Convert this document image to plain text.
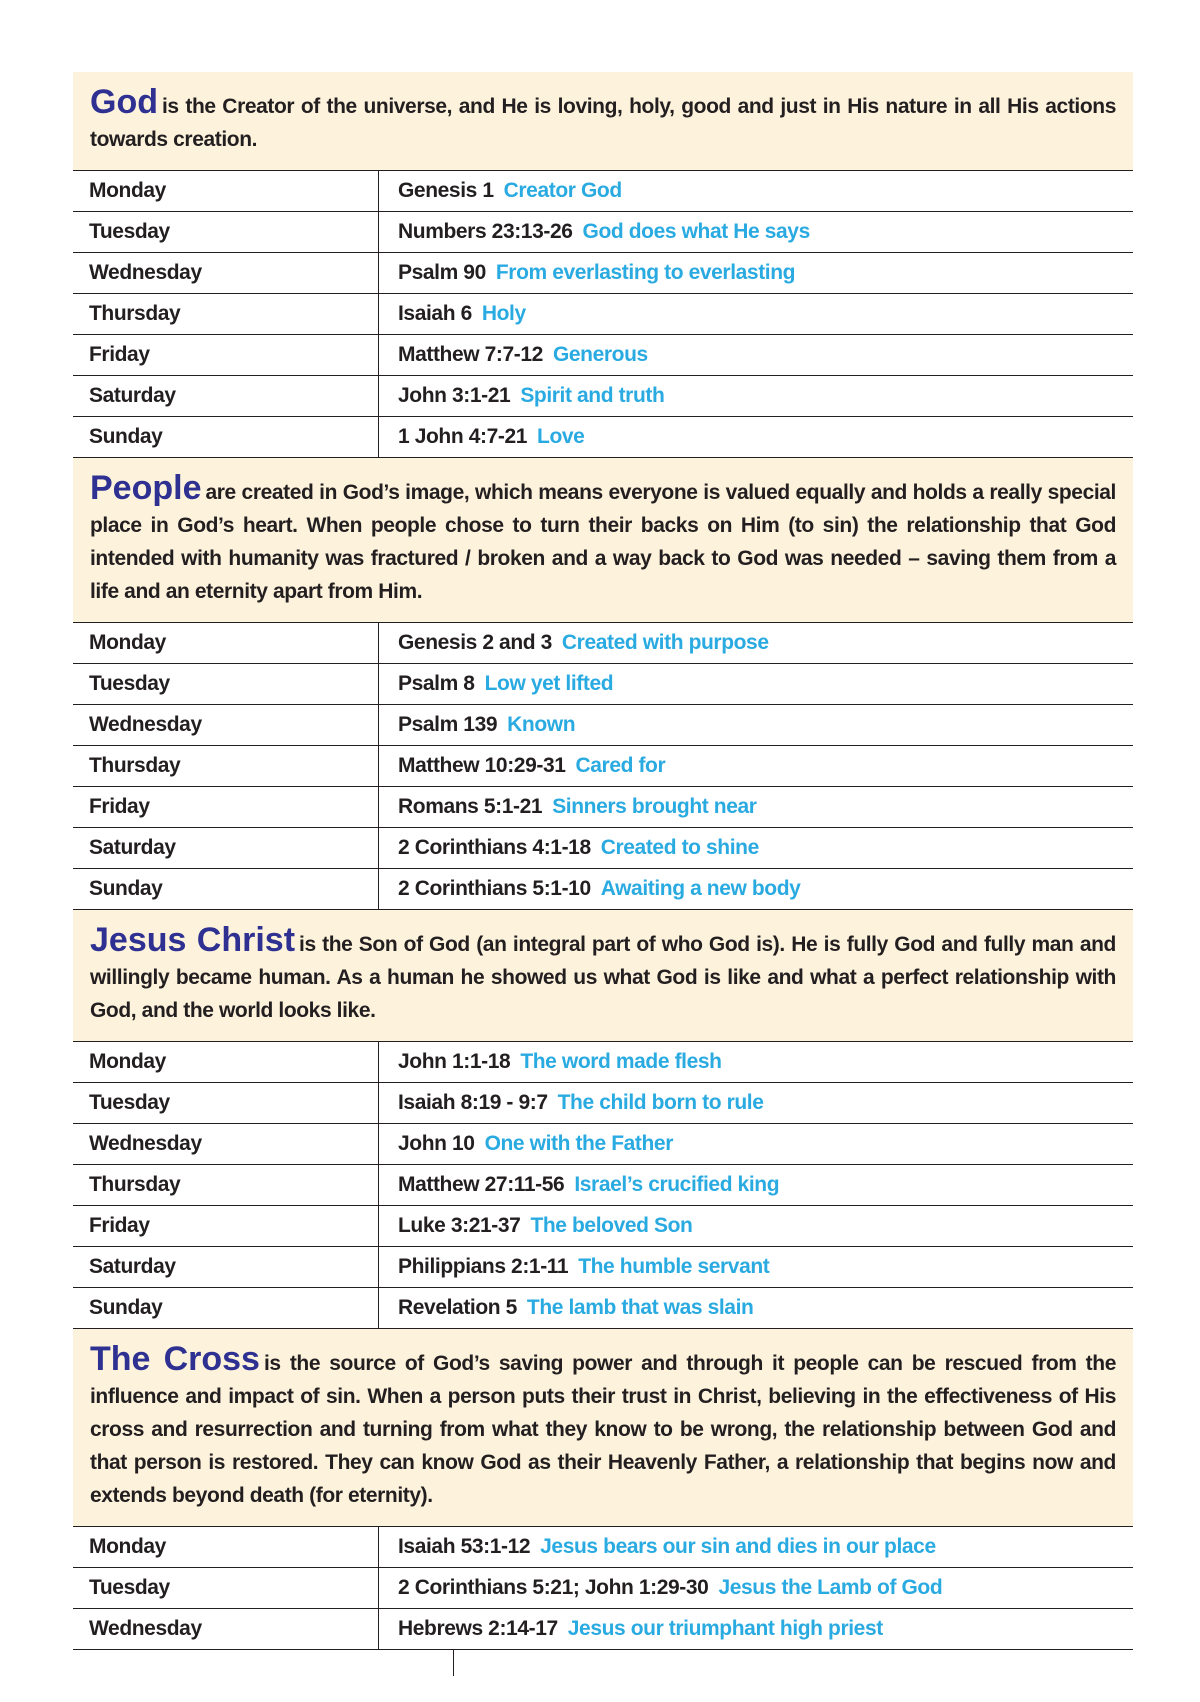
God is the Creator of the universe, and He is loving, holy, good and just in His nature in all His actions towards creation.

Monday	Genesis 1 Creator God
Tuesday	Numbers 23:13-26 God does what He says
Wednesday	Psalm 90 From everlasting to everlasting
Thursday	Isaiah 6 Holy
Friday	Matthew 7:7-12 Generous
Saturday	John 3:1-21 Spirit and truth
Sunday	1 John 4:7-21 Love

People are created in God’s image, which means everyone is valued equally and holds a really special place in God’s heart. When people chose to turn their backs on Him (to sin) the relationship that God intended with humanity was fractured / broken and a way back to God was needed – saving them from a life and an eternity apart from Him.

Monday	Genesis 2 and 3 Created with purpose
Tuesday	Psalm 8 Low yet lifted
Wednesday	Psalm 139 Known
Thursday	Matthew 10:29-31 Cared for
Friday	Romans 5:1-21 Sinners brought near
Saturday	2 Corinthians 4:1-18 Created to shine
Sunday	2 Corinthians 5:1-10 Awaiting a new body

Jesus Christ is the Son of God (an integral part of who God is). He is fully God and fully man and willingly became human. As a human he showed us what God is like and what a perfect relationship with God, and the world looks like.

Monday	John 1:1-18 The word made flesh
Tuesday	Isaiah 8:19 - 9:7 The child born to rule
Wednesday	John 10 One with the Father
Thursday	Matthew 27:11-56 Israel’s crucified king
Friday	Luke 3:21-37 The beloved Son
Saturday	Philippians 2:1-11 The humble servant
Sunday	Revelation 5 The lamb that was slain

The Cross is the source of God’s saving power and through it people can be rescued from the influence and impact of sin. When a person puts their trust in Christ, believing in the effectiveness of His cross and resurrection and turning from what they know to be wrong, the relationship between God and that person is restored. They can know God as their Heavenly Father, a relationship that begins now and extends beyond death (for eternity).

Monday	Isaiah 53:1-12 Jesus bears our sin and dies in our place
Tuesday	2 Corinthians 5:21; John 1:29-30 Jesus the Lamb of God
Wednesday	Hebrews 2:14-17 Jesus our triumphant high priest
